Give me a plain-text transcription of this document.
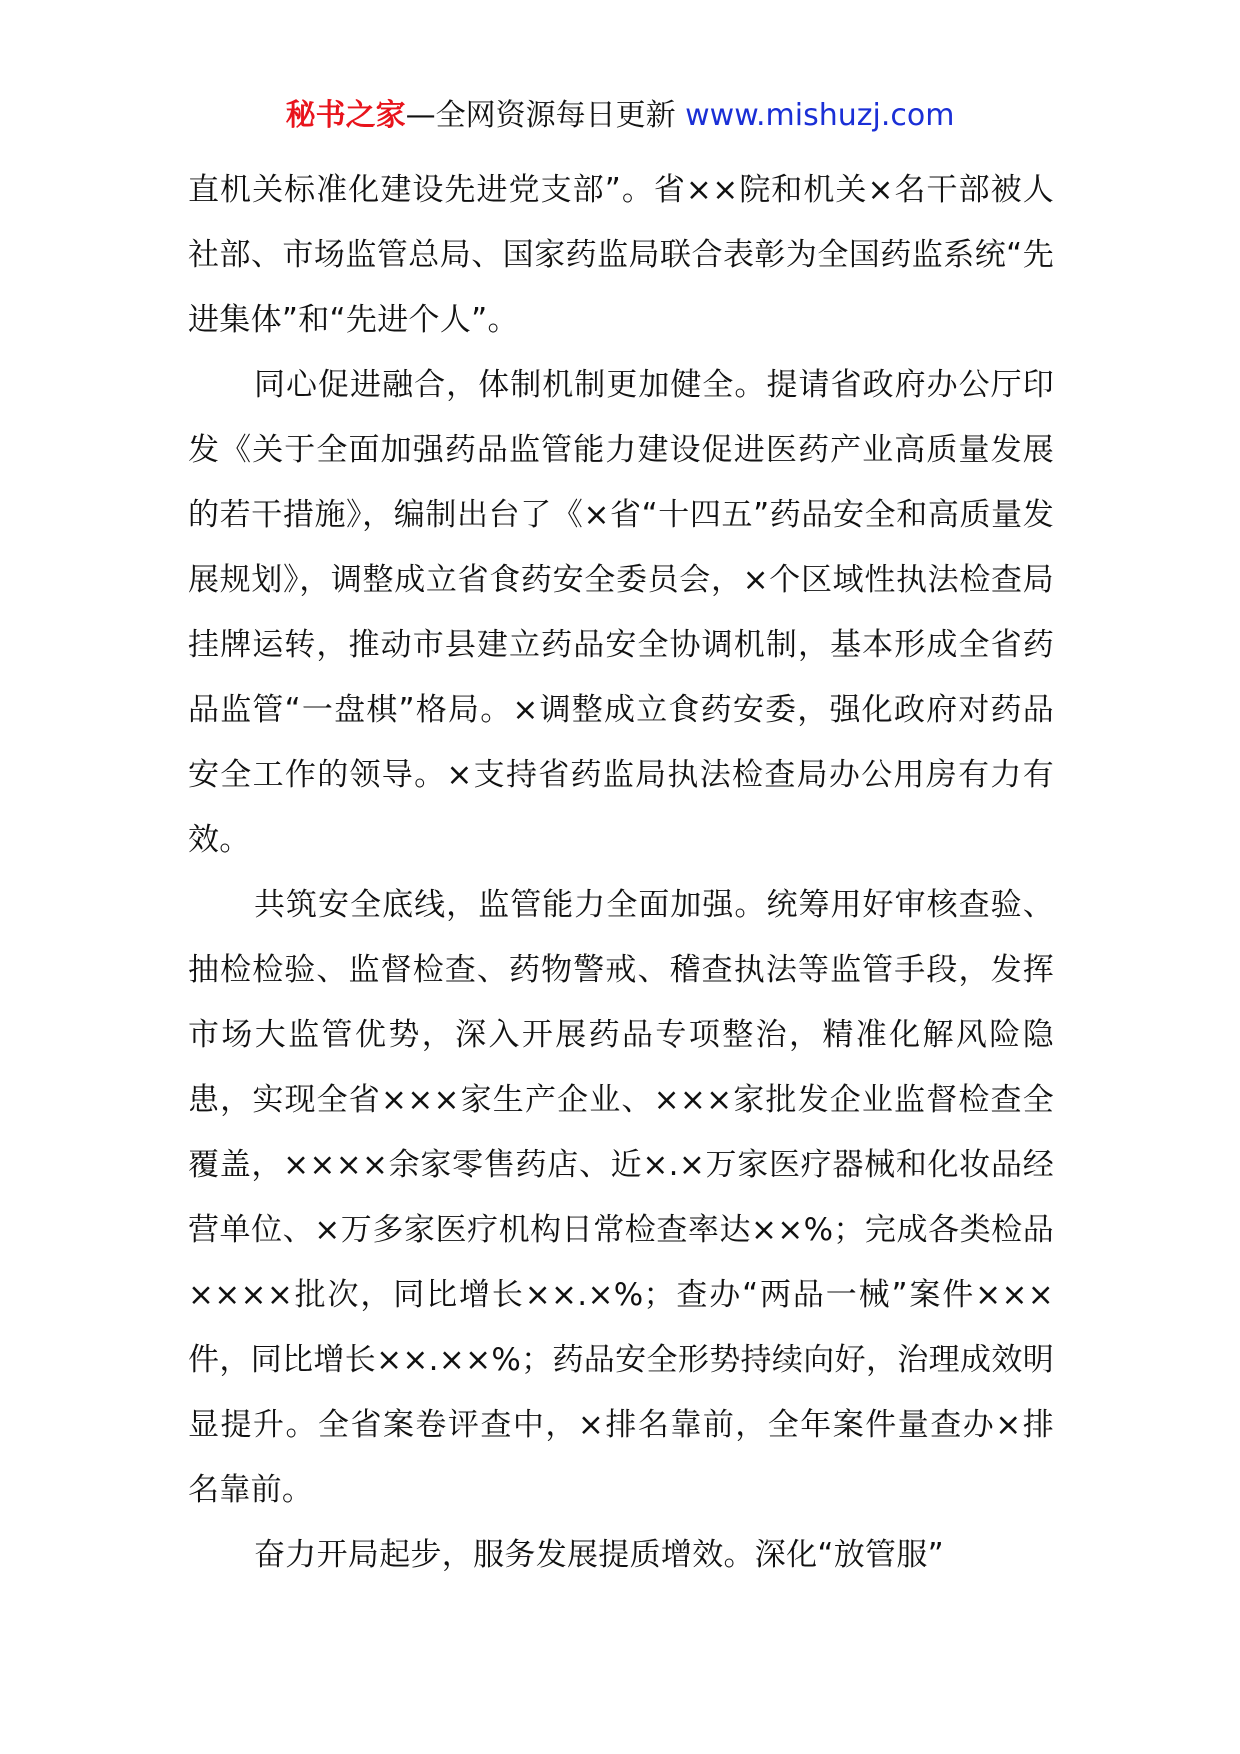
秘书之家—全网资源每日更新 www.mishuzj.com

直机关标准化建设先进党支部”。省××院和机关×名干部被人社部、市场监管总局、国家药监局联合表彰为全国药监系统“先进集体”和“先进个人”。

同心促进融合，体制机制更加健全。提请省政府办公厅印发《关于全面加强药品监管能力建设促进医药产业高质量发展的若干措施》，编制出台了《×省“十四五”药品安全和高质量发展规划》，调整成立省食药安全委员会，×个区域性执法检查局挂牌运转，推动市县建立药品安全协调机制，基本形成全省药品监管“一盘棋”格局。×调整成立食药安委，强化政府对药品安全工作的领导。×支持省药监局执法检查局办公用房有力有效。

共筑安全底线，监管能力全面加强。统筹用好审核查验、抽检检验、监督检查、药物警戒、稽查执法等监管手段，发挥市场大监管优势，深入开展药品专项整治，精准化解风险隐患，实现全省×××家生产企业、×××家批发企业监督检查全覆盖，××××余家零售药店、近×.×万家医疗器械和化妆品经营单位、×万多家医疗机构日常检查率达××%；完成各类检品××××批次，同比增长××.×%；查办“两品一械”案件×××件，同比增长××.××%；药品安全形势持续向好，治理成效明显提升。全省案卷评查中，×排名靠前，全年案件量查办×排名靠前。

奋力开局起步，服务发展提质增效。深化“放管服”
